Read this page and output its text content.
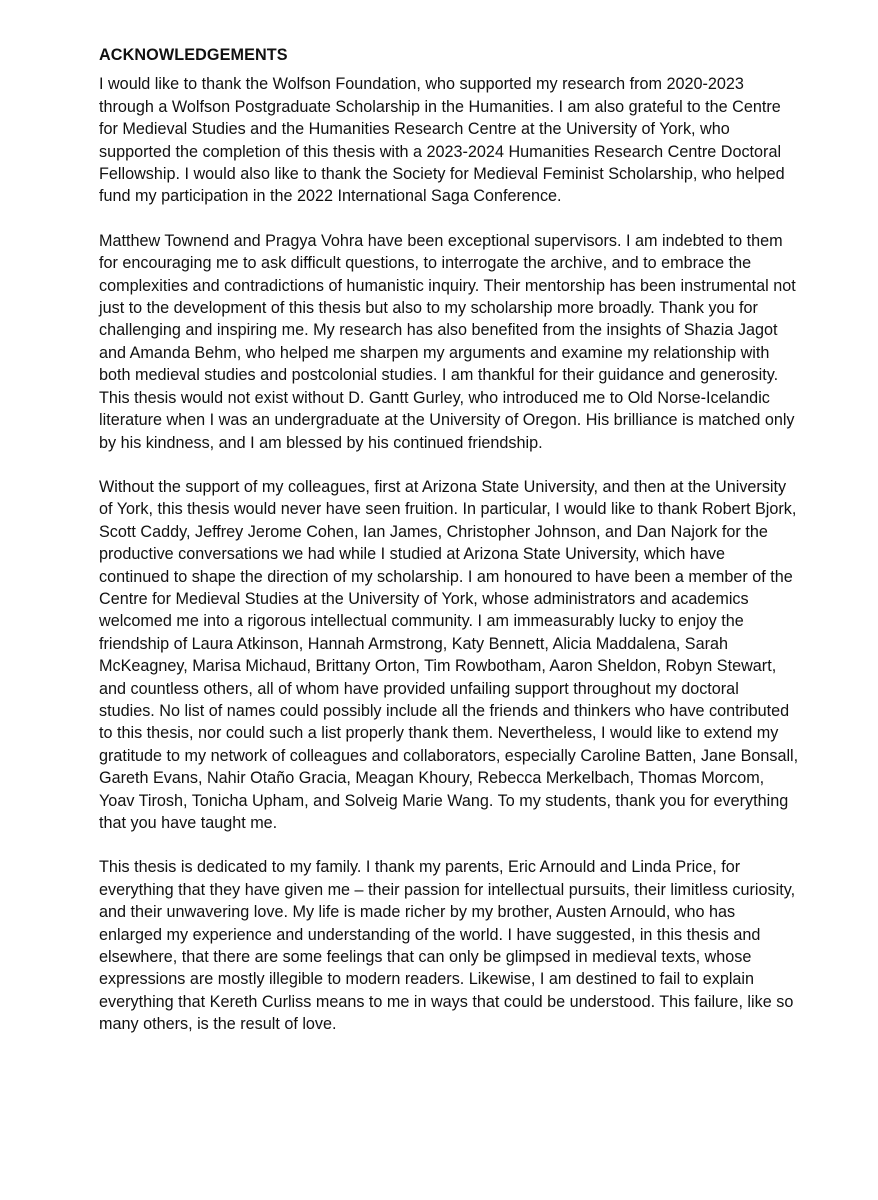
ACKNOWLEDGEMENTS

I would like to thank the Wolfson Foundation, who supported my research from 2020-2023 through a Wolfson Postgraduate Scholarship in the Humanities. I am also grateful to the Centre for Medieval Studies and the Humanities Research Centre at the University of York, who supported the completion of this thesis with a 2023-2024 Humanities Research Centre Doctoral Fellowship. I would also like to thank the Society for Medieval Feminist Scholarship, who helped fund my participation in the 2022 International Saga Conference.

Matthew Townend and Pragya Vohra have been exceptional supervisors. I am indebted to them for encouraging me to ask difficult questions, to interrogate the archive, and to embrace the complexities and contradictions of humanistic inquiry. Their mentorship has been instrumental not just to the development of this thesis but also to my scholarship more broadly. Thank you for challenging and inspiring me. My research has also benefited from the insights of Shazia Jagot and Amanda Behm, who helped me sharpen my arguments and examine my relationship with both medieval studies and postcolonial studies. I am thankful for their guidance and generosity. This thesis would not exist without D. Gantt Gurley, who introduced me to Old Norse-Icelandic literature when I was an undergraduate at the University of Oregon. His brilliance is matched only by his kindness, and I am blessed by his continued friendship.

Without the support of my colleagues, first at Arizona State University, and then at the University of York, this thesis would never have seen fruition. In particular, I would like to thank Robert Bjork, Scott Caddy, Jeffrey Jerome Cohen, Ian James, Christopher Johnson, and Dan Najork for the productive conversations we had while I studied at Arizona State University, which have continued to shape the direction of my scholarship. I am honoured to have been a member of the Centre for Medieval Studies at the University of York, whose administrators and academics welcomed me into a rigorous intellectual community. I am immeasurably lucky to enjoy the friendship of Laura Atkinson, Hannah Armstrong, Katy Bennett, Alicia Maddalena, Sarah McKeagney, Marisa Michaud, Brittany Orton, Tim Rowbotham, Aaron Sheldon, Robyn Stewart, and countless others, all of whom have provided unfailing support throughout my doctoral studies. No list of names could possibly include all the friends and thinkers who have contributed to this thesis, nor could such a list properly thank them. Nevertheless, I would like to extend my gratitude to my network of colleagues and collaborators, especially Caroline Batten, Jane Bonsall, Gareth Evans, Nahir Otaño Gracia, Meagan Khoury, Rebecca Merkelbach, Thomas Morcom, Yoav Tirosh, Tonicha Upham, and Solveig Marie Wang. To my students, thank you for everything that you have taught me.

This thesis is dedicated to my family. I thank my parents, Eric Arnould and Linda Price, for everything that they have given me – their passion for intellectual pursuits, their limitless curiosity, and their unwavering love. My life is made richer by my brother, Austen Arnould, who has enlarged my experience and understanding of the world. I have suggested, in this thesis and elsewhere, that there are some feelings that can only be glimpsed in medieval texts, whose expressions are mostly illegible to modern readers. Likewise, I am destined to fail to explain everything that Kereth Curliss means to me in ways that could be understood. This failure, like so many others, is the result of love.
